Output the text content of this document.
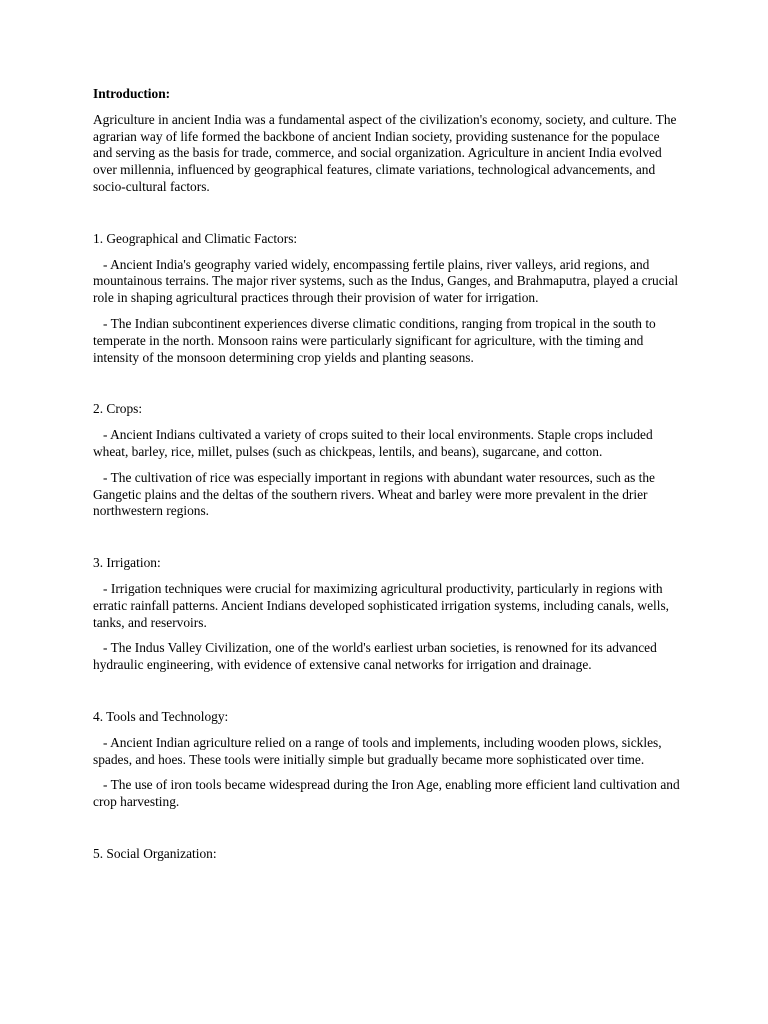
Introduction:
Agriculture in ancient India was a fundamental aspect of the civilization's economy, society, and culture. The agrarian way of life formed the backbone of ancient Indian society, providing sustenance for the populace and serving as the basis for trade, commerce, and social organization. Agriculture in ancient India evolved over millennia, influenced by geographical features, climate variations, technological advancements, and socio-cultural factors.
1. Geographical and Climatic Factors:
- Ancient India's geography varied widely, encompassing fertile plains, river valleys, arid regions, and mountainous terrains. The major river systems, such as the Indus, Ganges, and Brahmaputra, played a crucial role in shaping agricultural practices through their provision of water for irrigation.
- The Indian subcontinent experiences diverse climatic conditions, ranging from tropical in the south to temperate in the north. Monsoon rains were particularly significant for agriculture, with the timing and intensity of the monsoon determining crop yields and planting seasons.
2. Crops:
- Ancient Indians cultivated a variety of crops suited to their local environments. Staple crops included wheat, barley, rice, millet, pulses (such as chickpeas, lentils, and beans), sugarcane, and cotton.
- The cultivation of rice was especially important in regions with abundant water resources, such as the Gangetic plains and the deltas of the southern rivers. Wheat and barley were more prevalent in the drier northwestern regions.
3. Irrigation:
- Irrigation techniques were crucial for maximizing agricultural productivity, particularly in regions with erratic rainfall patterns. Ancient Indians developed sophisticated irrigation systems, including canals, wells, tanks, and reservoirs.
- The Indus Valley Civilization, one of the world's earliest urban societies, is renowned for its advanced hydraulic engineering, with evidence of extensive canal networks for irrigation and drainage.
4. Tools and Technology:
- Ancient Indian agriculture relied on a range of tools and implements, including wooden plows, sickles, spades, and hoes. These tools were initially simple but gradually became more sophisticated over time.
- The use of iron tools became widespread during the Iron Age, enabling more efficient land cultivation and crop harvesting.
5. Social Organization:
